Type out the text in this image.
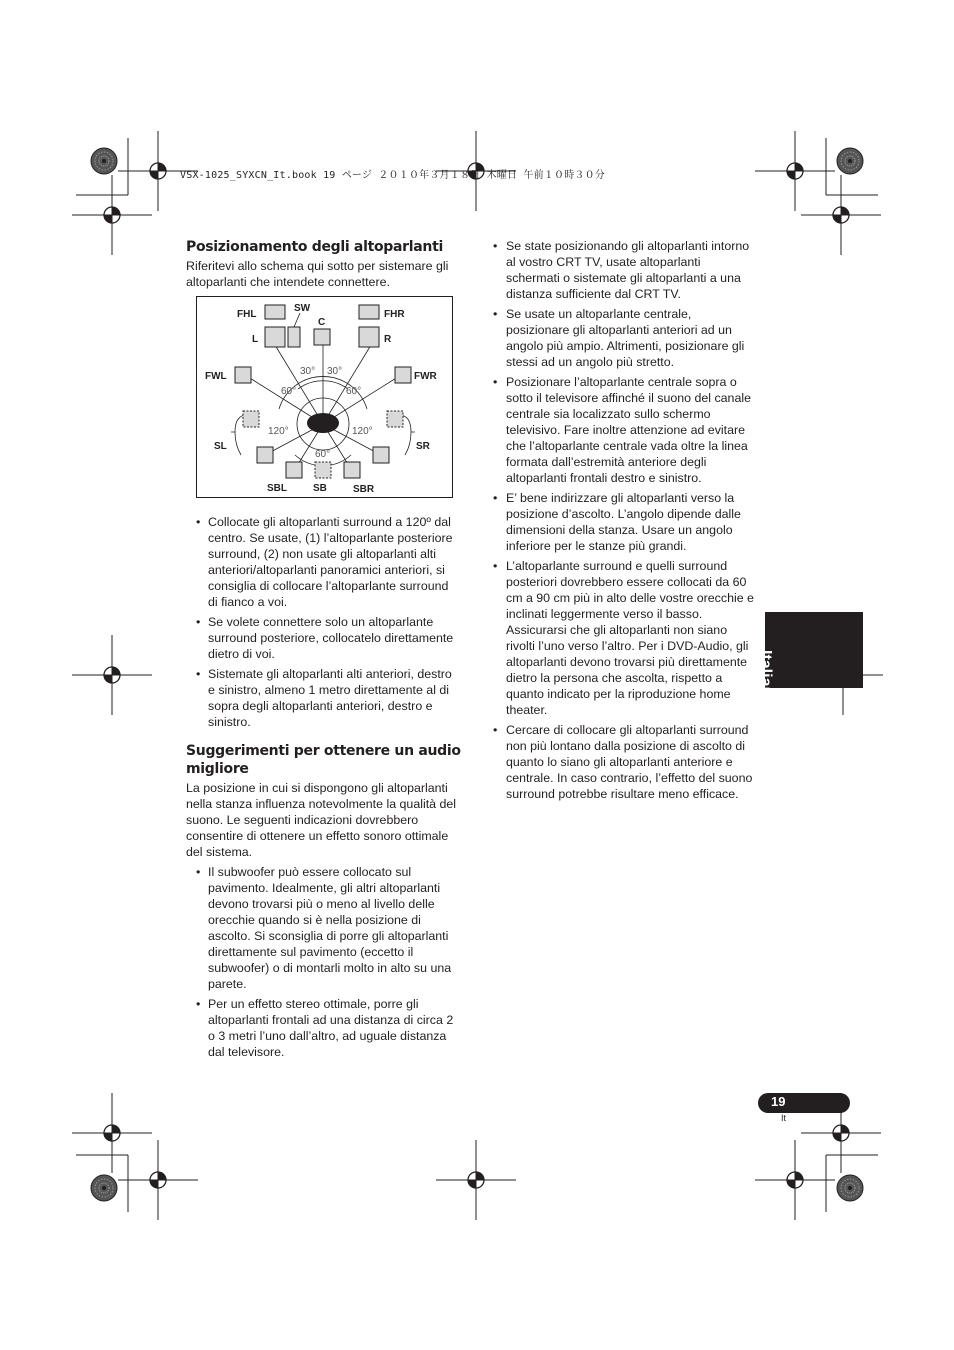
VSX-1025_SYXCN_It.book 19 ページ ２０１０年３月１８日 木曜日 午前１０時３０分
Posizionamento degli altoparlanti

Riferitevi allo schema qui sotto per sistemare gli altoparlanti che intendete connettere.

FHL
SW
C
FHR
L	R
FWL	FWR
SL	SR
SBL	SB	SBR
30° 30°
60°	60°
120°	120°
60°
• Collocate gli altoparlanti surround a 120º dal centro. Se usate, (1) l’altoparlante posteriore surround, (2) non usate gli altoparlanti alti anteriori/altoparlanti panoramici anteriori, si consiglia di collocare l’altoparlante surround di fianco a voi.
• Se volete connettere solo un altoparlante surround posteriore, collocatelo direttamente dietro di voi.
• Sistemate gli altoparlanti alti anteriori, destro e sinistro, almeno 1 metro direttamente al di sopra degli altoparlanti anteriori, destro e sinistro.
Suggerimenti per ottenere un audio migliore

La posizione in cui si dispongono gli altoparlanti nella stanza influenza notevolmente la qualità del suono. Le seguenti indicazioni dovrebbero consentire di ottenere un effetto sonoro ottimale del sistema.

• Il subwoofer può essere collocato sul pavimento. Idealmente, gli altri altoparlanti devono trovarsi più o meno al livello delle orecchie quando si è nella posizione di ascolto. Si sconsiglia di porre gli altoparlanti direttamente sul pavimento (eccetto il subwoofer) o di montarli molto in alto su una parete.
• Per un effetto stereo ottimale, porre gli altoparlanti frontali ad una distanza di circa 2 o 3 metri l’uno dall’altro, ad uguale distanza dal televisore.
• Se state posizionando gli altoparlanti intorno al vostro CRT TV, usate altoparlanti schermati o sistemate gli altoparlanti a una distanza sufficiente dal CRT TV.
• Se usate un altoparlante centrale, posizionare gli altoparlanti anteriori ad un angolo più ampio. Altrimenti, posizionare gli stessi ad un angolo più stretto.
• Posizionare l’altoparlante centrale sopra o sotto il televisore affinché il suono del canale centrale sia localizzato sullo schermo televisivo. Fare inoltre attenzione ad evitare che l’altoparlante centrale vada oltre la linea formata dall’estremità anteriore degli altoparlanti frontali destro e sinistro.
• E’ bene indirizzare gli altoparlanti verso la posizione d’ascolto. L’angolo dipende dalle dimensioni della stanza. Usare un angolo inferiore per le stanze più grandi.
• L’altoparlante surround e quelli surround posteriori dovrebbero essere collocati da 60 cm a 90 cm più in alto delle vostre orecchie e inclinati leggermente verso il basso. Assicurarsi che gli altoparlanti non siano rivolti l’uno verso l’altro. Per i DVD-Audio, gli altoparlanti devono trovarsi più direttamente dietro la persona che ascolta, rispetto a quanto indicato per la riproduzione home theater.
• Cercare di collocare gli altoparlanti surround non più lontano dalla posizione di ascolto di quanto lo siano gli altoparlanti anteriore e centrale. In caso contrario, l’effetto del suono surround potrebbe risultare meno efficace.
Italiano
19
It
